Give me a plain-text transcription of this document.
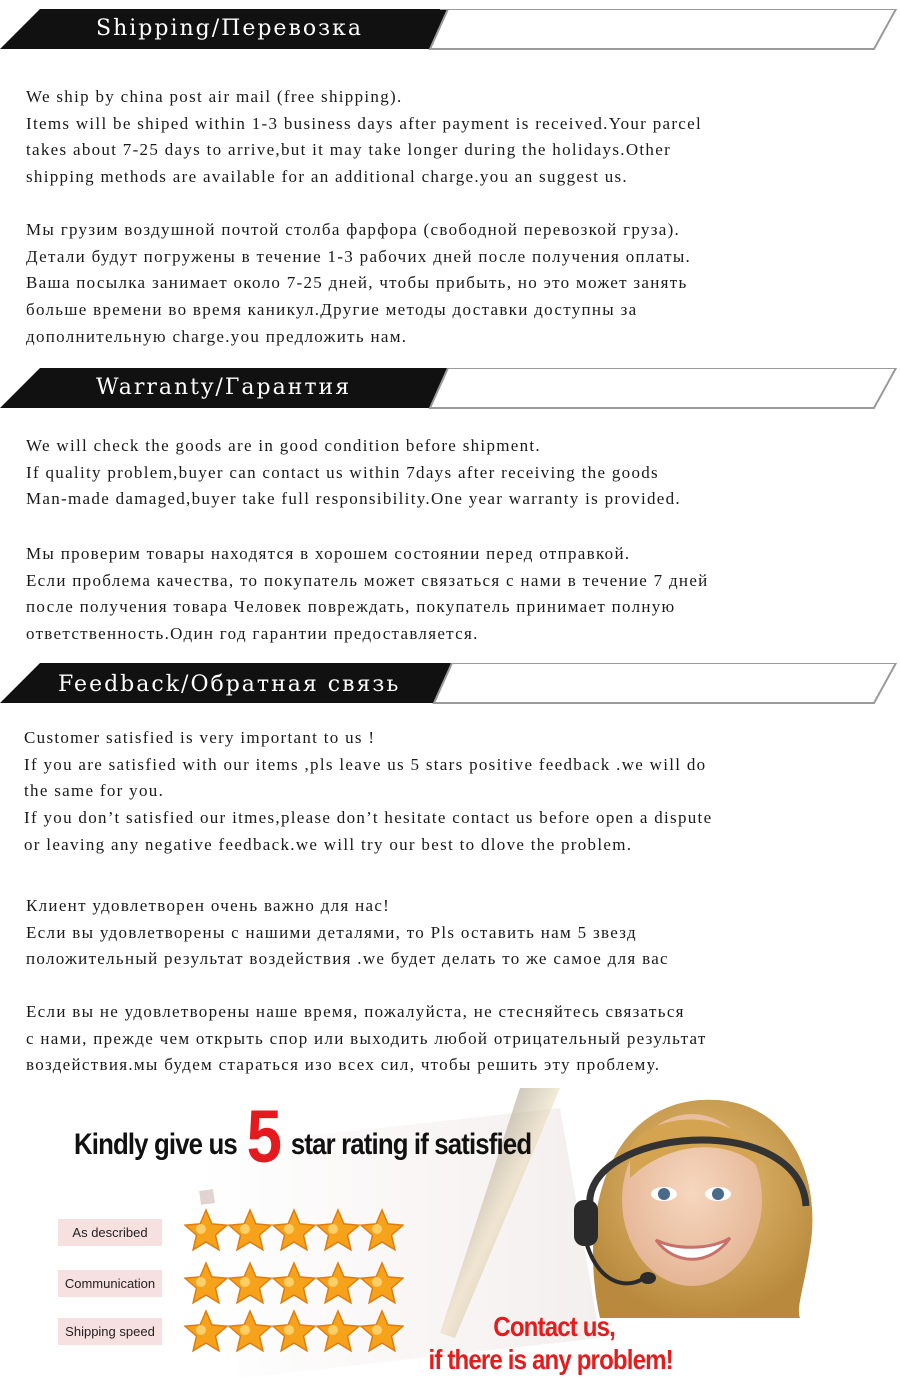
Shipping/Перевозка

We ship by china post air mail (free shipping).
Items will be shiped within 1-3 business days after payment is received.Your parcel
takes about 7-25 days to arrive,but it may take longer during the holidays.Other
shipping methods are available for an additional charge.you an suggest us.

Мы грузим воздушной почтой столба фарфора (свободной перевозкой груза).
Детали будут погружены в течение 1-3 рабочих дней после получения оплаты.
Ваша посылка занимает около 7-25 дней, чтобы прибыть, но это может занять
больше времени во время каникул.Другие методы доставки доступны за
дополнительную charge.you предложить нам.

Warranty/Гарантия

We will check the goods are in good condition before shipment.
If quality problem,buyer can contact us within 7days after receiving the goods
Man-made damaged,buyer take full responsibility.One year warranty is provided.

Мы проверим товары находятся в хорошем состоянии перед отправкой.
Если проблема качества, то покупатель может связаться с нами в течение 7 дней
после получения товара Человек повреждать, покупатель принимает полную
ответственность.Один год гарантии предоставляется.

Feedback/Обратная связь

Customer satisfied is very important to us !
If you are satisfied with our items ,pls leave us 5 stars positive feedback .we will do
the same for you.
If you don’t satisfied our itmes,please don’t hesitate contact us before open a dispute
or leaving any negative feedback.we will try our best to dlove the problem.

Клиент удовлетворен очень важно для нас!
Если вы удовлетворены с нашими деталями, то Pls оставить нам 5 звезд
положительный результат воздействия .we будет делать то же самое для вас

Если вы не удовлетворены наше время, пожалуйста, не стесняйтесь связаться
с нами, прежде чем открыть спор или выходить любой отрицательный результат
воздействия.мы будем стараться изо всех сил, чтобы решить эту проблему.

Kindly give us 5 star rating if satisfied
As described
Communication
Shipping speed	Contact us,
if there is any problem!
